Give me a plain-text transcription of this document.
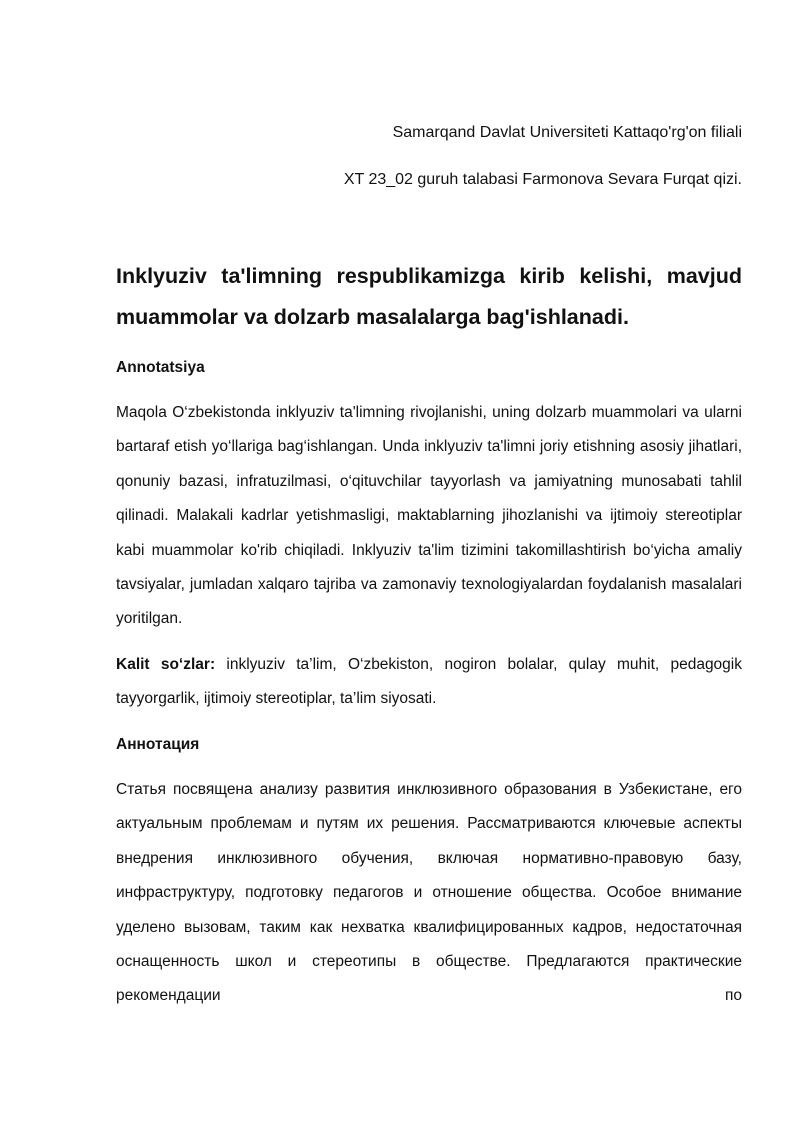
Samarqand Davlat Universiteti Kattaqo'rg'on filiali
XT 23_02 guruh talabasi Farmonova Sevara Furqat qizi.
Inklyuziv ta'limning respublikamizga kirib kelishi, mavjud muammolar va dolzarb masalalarga bag'ishlanadi.
Annotatsiya

Maqola O‘zbekistonda inklyuziv ta'limning rivojlanishi, uning dolzarb muammolari va ularni bartaraf etish yo‘llariga bag‘ishlangan. Unda inklyuziv ta'limni joriy etishning asosiy jihatlari, qonuniy bazasi, infratuzilmasi, o‘qituvchilar tayyorlash va jamiyatning munosabati tahlil qilinadi. Malakali kadrlar yetishmasligi, maktablarning jihozlanishi va ijtimoiy stereotiplar kabi muammolar ko'rib chiqiladi. Inklyuziv ta'lim tizimini takomillashtirish bo‘yicha amaliy tavsiyalar, jumladan xalqaro tajriba va zamonaviy texnologiyalardan foydalanish masalalari yoritilgan.

Kalit so‘zlar: inklyuziv ta’lim, O‘zbekiston, nogiron bolalar, qulay muhit, pedagogik tayyorgarlik, ijtimoiy stereotiplar, ta’lim siyosati.

Аннотация

Статья посвящена анализу развития инклюзивного образования в Узбекистане, его актуальным проблемам и путям их решения. Рассматриваются ключевые аспекты внедрения инклюзивного обучения, включая нормативно-правовую базу, инфраструктуру, подготовку педагогов и отношение общества. Особое внимание уделено вызовам, таким как нехватка квалифицированных кадров, недостаточная оснащенность школ и стереотипы в обществе. Предлагаются практические рекомендации по
